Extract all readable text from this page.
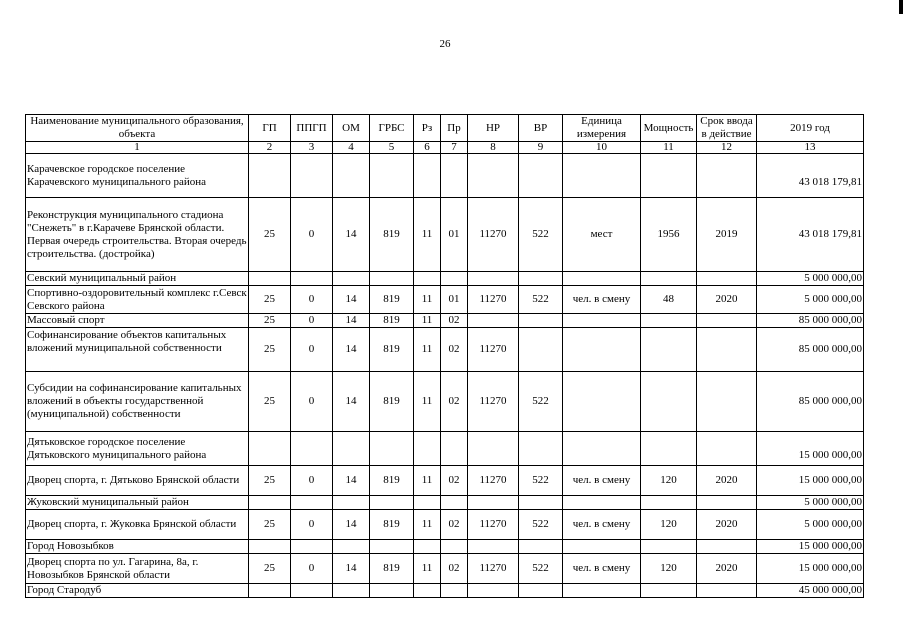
26
Наименование муниципального образования, объекта	ГП	ППГП	ОМ	ГРБС	Рз	Пр	НР	ВР	Единица измерения	Мощность	Срок ввода в действие	2019 год
1	2	3	4	5	6	7	8	9	10	11	12	13
Карачевское городское поселение Карачевского муниципального района												43 018 179,81
Реконструкция муниципального стадиона "Снежеть" в г.Карачеве Брянской области. Первая очередь строительства. Вторая очередь строительства. (достройка)	25	0	14	819	11	01	11270	522	мест	1956	2019	43 018 179,81
Севский муниципальный район												5 000 000,00
Спортивно-оздоровительный комплекс г.Севск Севского района	25	0	14	819	11	01	11270	522	чел. в смену	48	2020	5 000 000,00
Массовый спорт	25	0	14	819	11	02						85 000 000,00
Софинансирование объектов капитальных вложений муниципальной собственности	25	0	14	819	11	02	11270					85 000 000,00
Субсидии на софинансирование капитальных вложений в объекты государственной (муниципальной) собственности	25	0	14	819	11	02	11270	522				85 000 000,00
Дятьковское городское поселение Дятьковского муниципального района												15 000 000,00
Дворец спорта, г. Дятьково Брянской области	25	0	14	819	11	02	11270	522	чел. в смену	120	2020	15 000 000,00
Жуковский муниципальный район												5 000 000,00
Дворец спорта, г. Жуковка Брянской области	25	0	14	819	11	02	11270	522	чел. в смену	120	2020	5 000 000,00
Город Новозыбков												15 000 000,00
Дворец спорта по ул. Гагарина, 8а, г. Новозыбков Брянской области	25	0	14	819	11	02	11270	522	чел. в смену	120	2020	15 000 000,00
Город Стародуб												45 000 000,00
